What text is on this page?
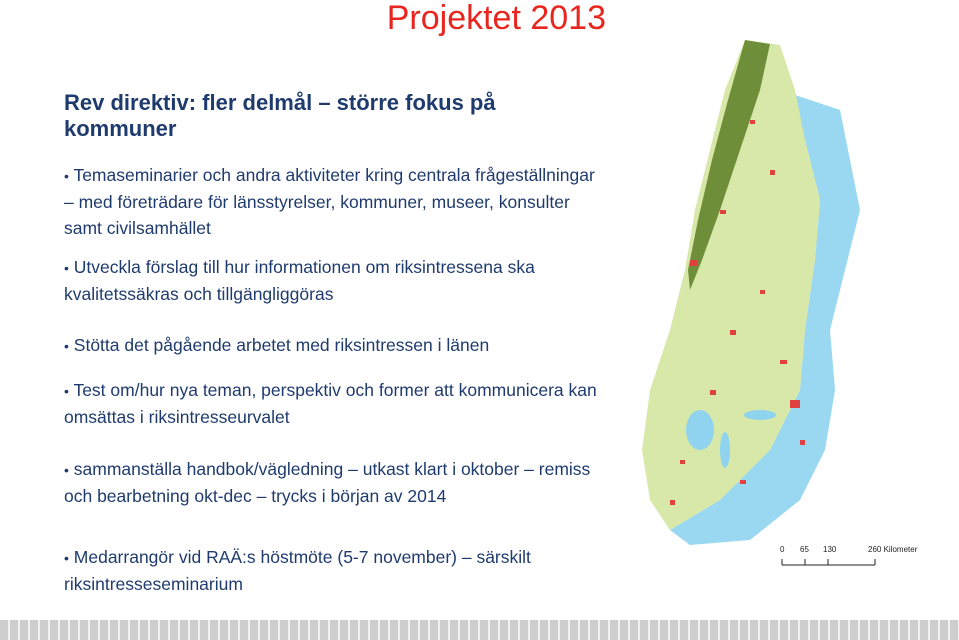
Projektet 2013
Rev direktiv: fler delmål – större fokus på kommuner
• Temaseminarier och andra aktiviteter kring centrala frågeställningar – med företrädare för länsstyrelser, kommuner, museer, konsulter samt civilsamhället
• Utveckla förslag till hur informationen om riksintressena ska kvalitetssäkras och tillgängliggöras
• Stötta det pågående arbetet med riksintressen i länen
• Test om/hur nya teman, perspektiv och former att kommunicera kan omsättas i riksintresseurvalet
• sammanställa handbok/vägledning – utkast klart i oktober – remiss och bearbetning okt-dec – trycks i början av 2014
• Medarrangör vid RAÄ:s höstmöte (5-7 november) – särskilt riksintresseseminarium
0 65 130	260 Kilometer
